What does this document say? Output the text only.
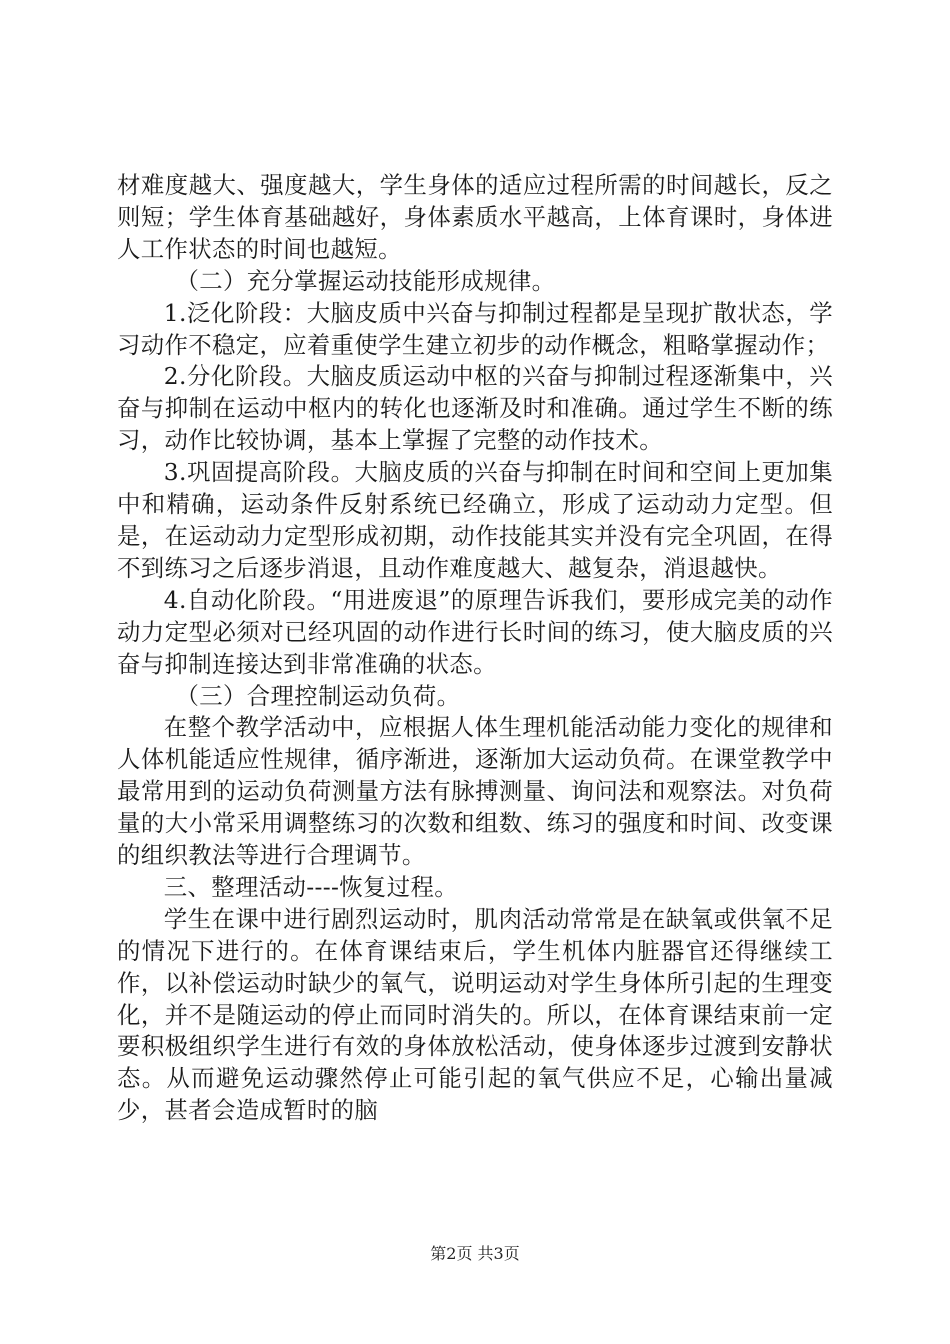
材难度越大、强度越大，学生身体的适应过程所需的时间越长，反之则短；学生体育基础越好，身体素质水平越高，上体育课时，身体进人工作状态的时间也越短。

（二）充分掌握运动技能形成规律。

1.泛化阶段：大脑皮质中兴奋与抑制过程都是呈现扩散状态，学习动作不稳定，应着重使学生建立初步的动作概念，粗略掌握动作；

2.分化阶段。大脑皮质运动中枢的兴奋与抑制过程逐渐集中，兴奋与抑制在运动中枢内的转化也逐渐及时和准确。通过学生不断的练习，动作比较协调，基本上掌握了完整的动作技术。

3.巩固提高阶段。大脑皮质的兴奋与抑制在时间和空间上更加集中和精确，运动条件反射系统已经确立，形成了运动动力定型。但是，在运动动力定型形成初期，动作技能其实并没有完全巩固，在得不到练习之后逐步消退，且动作难度越大、越复杂，消退越快。

4.自动化阶段。“用进废退”的原理告诉我们，要形成完美的动作动力定型必须对已经巩固的动作进行长时间的练习，使大脑皮质的兴奋与抑制连接达到非常准确的状态。

（三）合理控制运动负荷。

在整个教学活动中，应根据人体生理机能活动能力变化的规律和人体机能适应性规律，循序渐进，逐渐加大运动负荷。在课堂教学中最常用到的运动负荷测量方法有脉搏测量、询问法和观察法。对负荷量的大小常采用调整练习的次数和组数、练习的强度和时间、改变课的组织教法等进行合理调节。

三、整理活动----恢复过程。

学生在课中进行剧烈运动时，肌肉活动常常是在缺氧或供氧不足的情况下进行的。在体育课结束后，学生机体内脏器官还得继续工作，以补偿运动时缺少的氧气，说明运动对学生身体所引起的生理变化，并不是随运动的停止而同时消失的。所以，在体育课结束前一定要积极组织学生进行有效的身体放松活动，使身体逐步过渡到安静状态。从而避免运动骤然停止可能引起的氧气供应不足，心输出量减少，甚者会造成暂时的脑

第2页 共3页
